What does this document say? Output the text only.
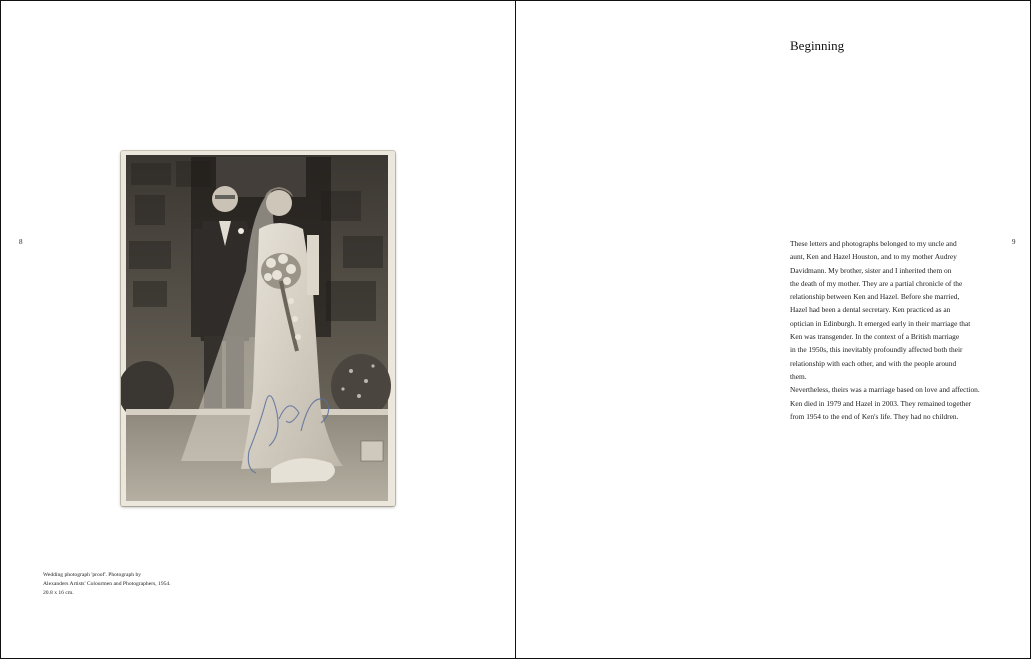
8
Wedding photograph 'proof'. Photograph by
Alexanders Artists' Colourmen and Photographers, 1954.
20.8 x 16 cm.
Beginning
9
These letters and photographs belonged to my uncle and
aunt, Ken and Hazel Houston, and to my mother Audrey
Davidmann. My brother, sister and I inherited them on
the death of my mother. They are a partial chronicle of the
relationship between Ken and Hazel. Before she married,
Hazel had been a dental secretary. Ken practiced as an
optician in Edinburgh. It emerged early in their marriage that
Ken was transgender. In the context of a British marriage
in the 1950s, this inevitably profoundly affected both their
relationship with each other, and with the people around
them.
Nevertheless, theirs was a marriage based on love and affection.
Ken died in 1979 and Hazel in 2003. They remained together
from 1954 to the end of Ken's life. They had no children.
